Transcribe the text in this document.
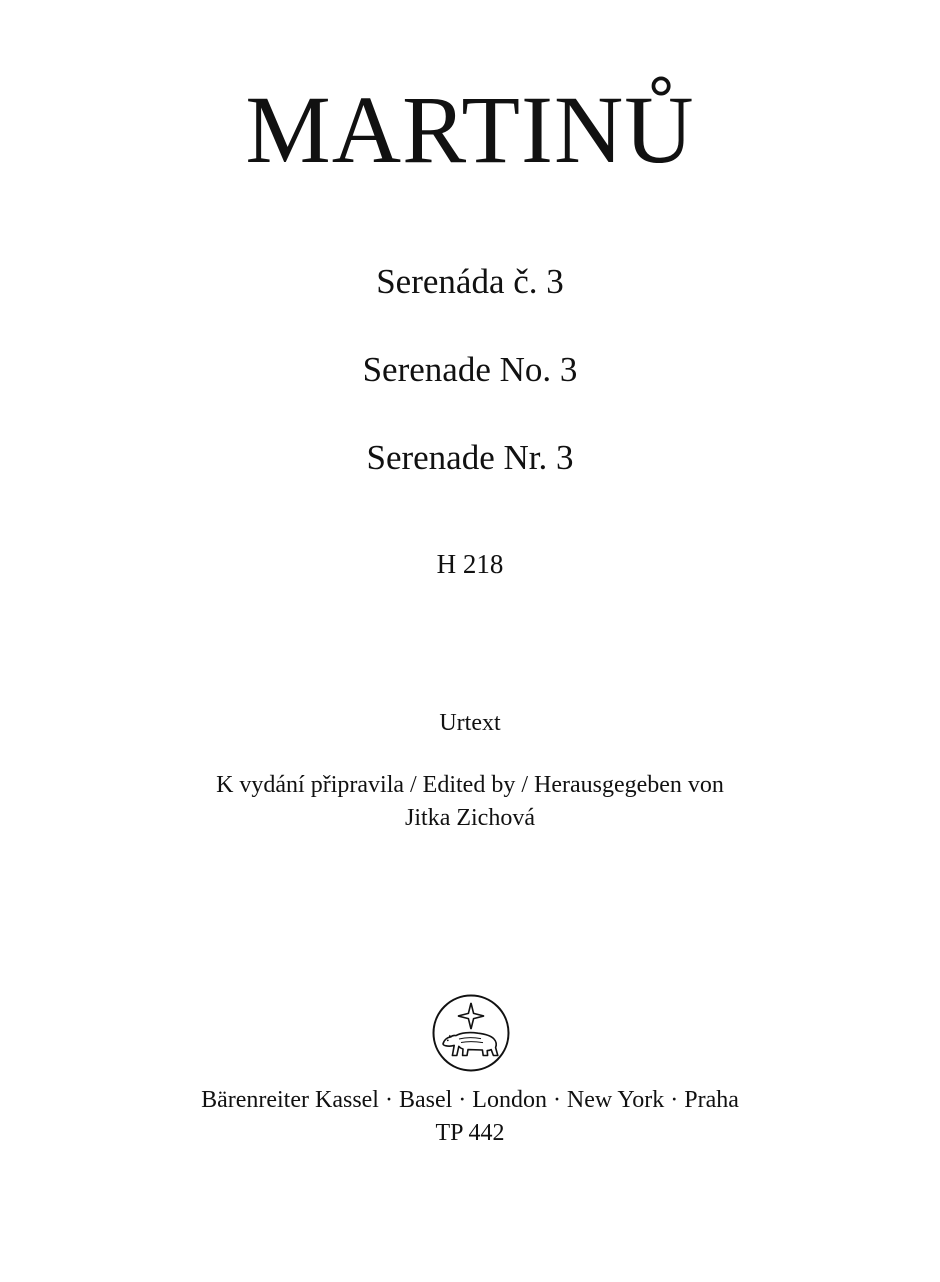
MARTINŮ
Serenáda č. 3
Serenade No. 3
Serenade Nr. 3
H 218
Urtext
K vydání připravila / Edited by / Herausgegeben von
Jitka Zichová
Bärenreiter Kassel · Basel · London · New York · Praha
TP 442
